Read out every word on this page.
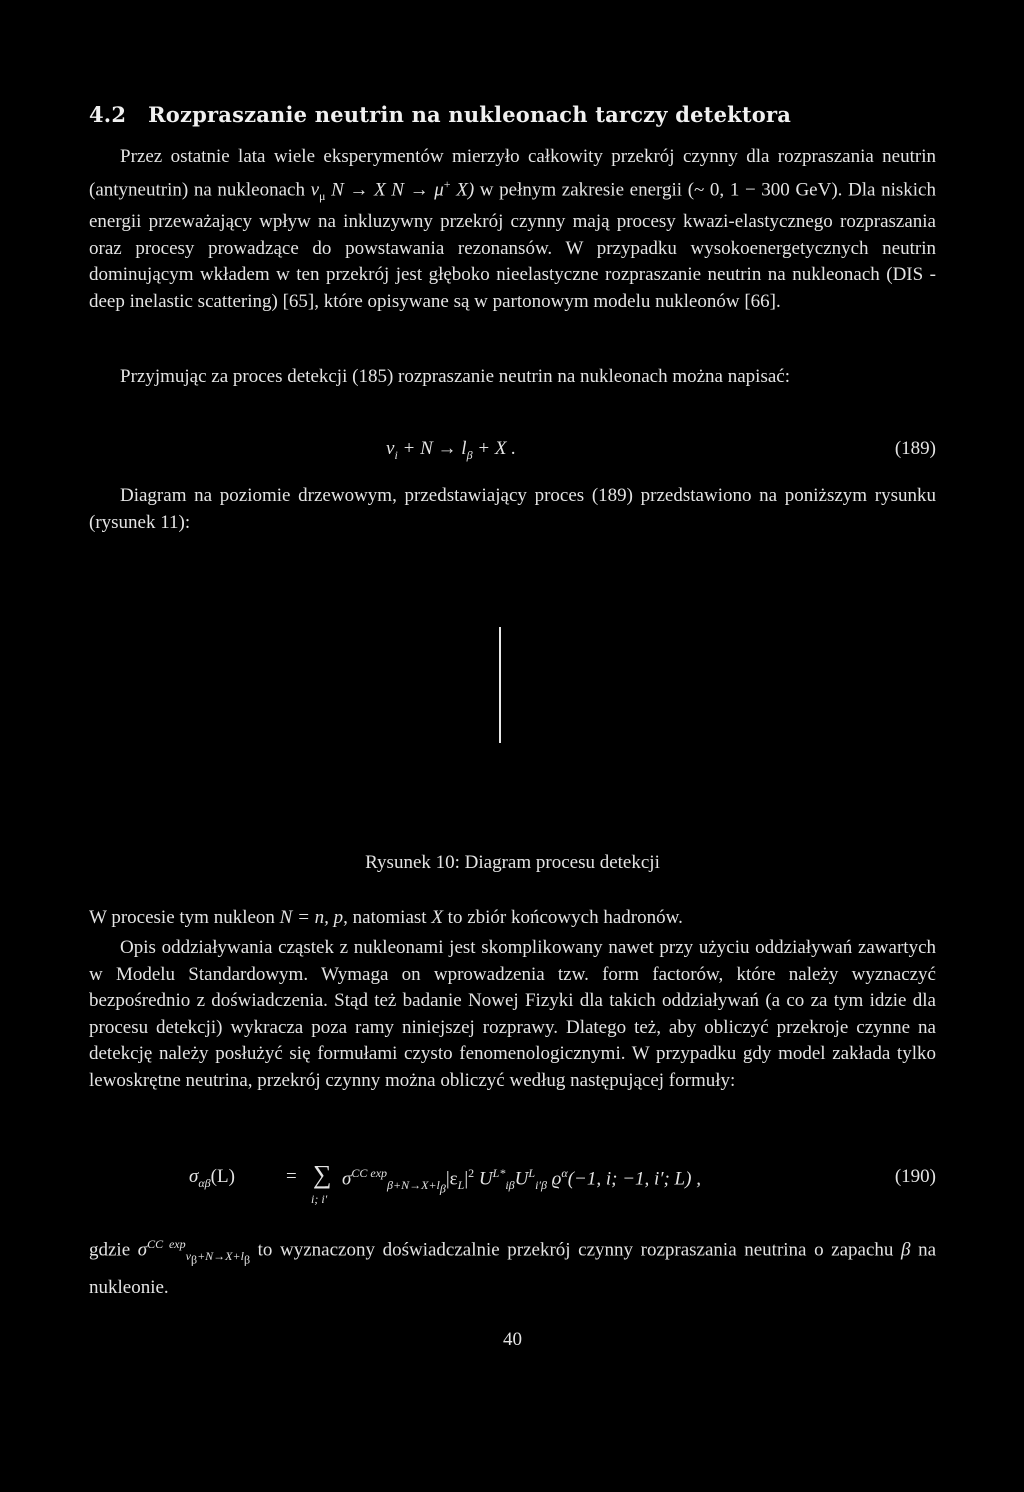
4.2 Rozpraszanie neutrin na nukleonach tarczy detektora

Przez ostatnie lata wiele eksperymentów mierzyło całkowity przekrój czynny dla rozpraszania neutrin (antyneutrin) na nukleonach $\nu_\mu$ N → X N → μ+ X) w pełnym zakresie energii (~ 0, 1 − 300 GeV). Dla niskich energii przeważający wpływ na inkluzywny przekrój czynny mają procesy kwazi-elastycznego rozpraszania oraz procesy prowadzące do powstawania rezonansów. W przypadku wysokoenergetycznych neutrin dominującym wkładem w ten przekrój jest głęboko nieelastyczne rozpraszanie neutrin na nukleonach (DIS - deep inelastic scattering) [65], które opisywane są w partonowym modelu nukleonów [66].

Przyjmując za proces detekcji (185) rozpraszanie neutrin na nukleonach można napisać:

$\nu_i + N \to l_\beta + X$ .	(189)

Diagram na poziomie drzewowym, przedstawiający proces (189) przedstawiono na poniższym rysunku (rysunek 11):

Rysunek 10: Diagram procesu detekcji

W procesie tym nukleon N = n, p, natomiast X to zbiór końcowych hadronów.

Opis oddziaływania cząstek z nukleonami jest skomplikowany nawet przy użyciu oddziaływań zawartych w Modelu Standardowym. Wymaga on wprowadzenia tzw. form factorów, które należy wyznaczyć bezpośrednio z doświadczenia. Stąd też badanie Nowej Fizyki dla takich oddziaływań (a co za tym idzie dla procesu detekcji) wykracza poza ramy niniejszej rozprawy. Dlatego też, aby obliczyć przekroje czynne na detekcję należy posłużyć się formułami czysto fenomenologicznymi. W przypadku gdy model zakłada tylko lewoskrętne neutrina, przekrój czynny można obliczyć według następującej formuły:

$\sigma_{\alpha\beta}(L)$	= ∑
i; i′
$\sigma^{CC exp}_{\beta+N\to X+l_\beta}|\varepsilon_L|^2$ $U^{L*}_{i\beta}U^L_{i'\beta}$ $ϱ^\alpha(-1$, i; −1, i′; L) ,	(190)

gdzie $\sigma^{CC exp}_{\nu_\beta+N\to X+l_\beta}$ to wyznaczony doświadczalnie przekrój czynny rozpraszania neutrina o zapachu β na nukleonie.

40
